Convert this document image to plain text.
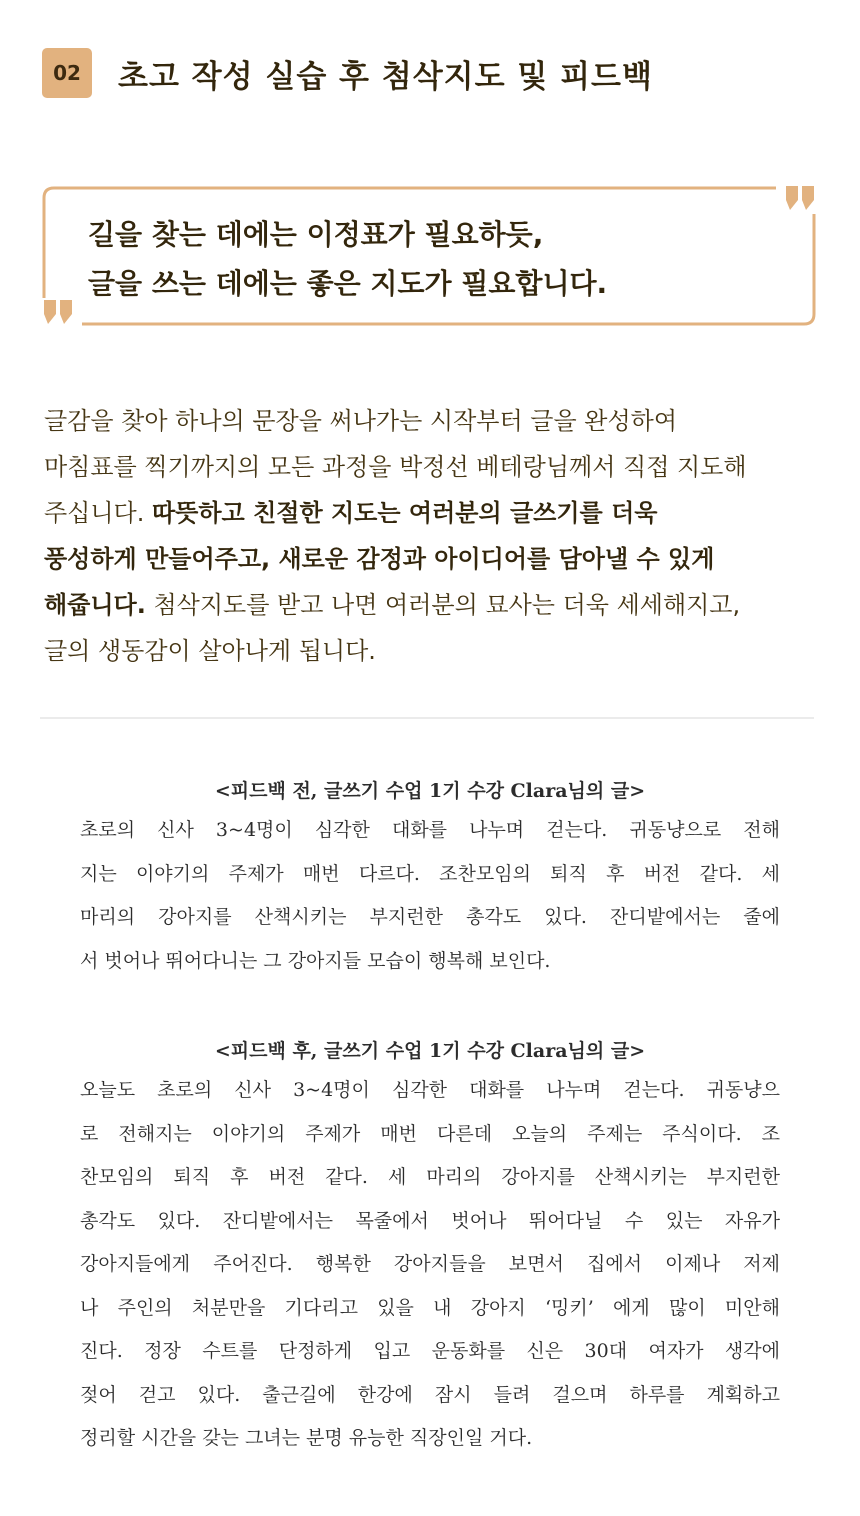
02	초고 작성 실습 후 첨삭지도 및 피드백
길을 찾는 데에는 이정표가 필요하듯,
글을 쓰는 데에는 좋은 지도가 필요합니다.
글감을 찾아 하나의 문장을 써나가는 시작부터 글을 완성하여
마침표를 찍기까지의 모든 과정을 박정선 베테랑님께서 직접 지도해
주십니다. 따뜻하고 친절한 지도는 여러분의 글쓰기를 더욱
풍성하게 만들어주고, 새로운 감정과 아이디어를 담아낼 수 있게
해줍니다. 첨삭지도를 받고 나면 여러분의 묘사는 더욱 세세해지고,
글의 생동감이 살아나게 됩니다.
<피드백 전, 글쓰기 수업 1기 수강 Clara님의 글>
초로의 신사 3~4명이 심각한 대화를 나누며 걷는다. 귀동냥으로 전해
지는 이야기의 주제가 매번 다르다. 조찬모임의 퇴직 후 버전 같다. 세
마리의 강아지를 산책시키는 부지런한 총각도 있다. 잔디밭에서는 줄에
서 벗어나 뛰어다니는 그 강아지들 모습이 행복해 보인다.
<피드백 후, 글쓰기 수업 1기 수강 Clara님의 글>
오늘도 초로의 신사 3~4명이 심각한 대화를 나누며 걷는다. 귀동냥으
로 전해지는 이야기의 주제가 매번 다른데 오늘의 주제는 주식이다. 조
찬모임의 퇴직 후 버전 같다. 세 마리의 강아지를 산책시키는 부지런한
총각도 있다. 잔디밭에서는 목줄에서 벗어나 뛰어다닐 수 있는 자유가
강아지들에게 주어진다. 행복한 강아지들을 보면서 집에서 이제나 저제
나 주인의 처분만을 기다리고 있을 내 강아지 ‘밍키’ 에게 많이 미안해
진다. 정장 수트를 단정하게 입고 운동화를 신은 30대 여자가 생각에
젖어 걷고 있다. 출근길에 한강에 잠시 들려 걸으며 하루를 계획하고
정리할 시간을 갖는 그녀는 분명 유능한 직장인일 거다.
